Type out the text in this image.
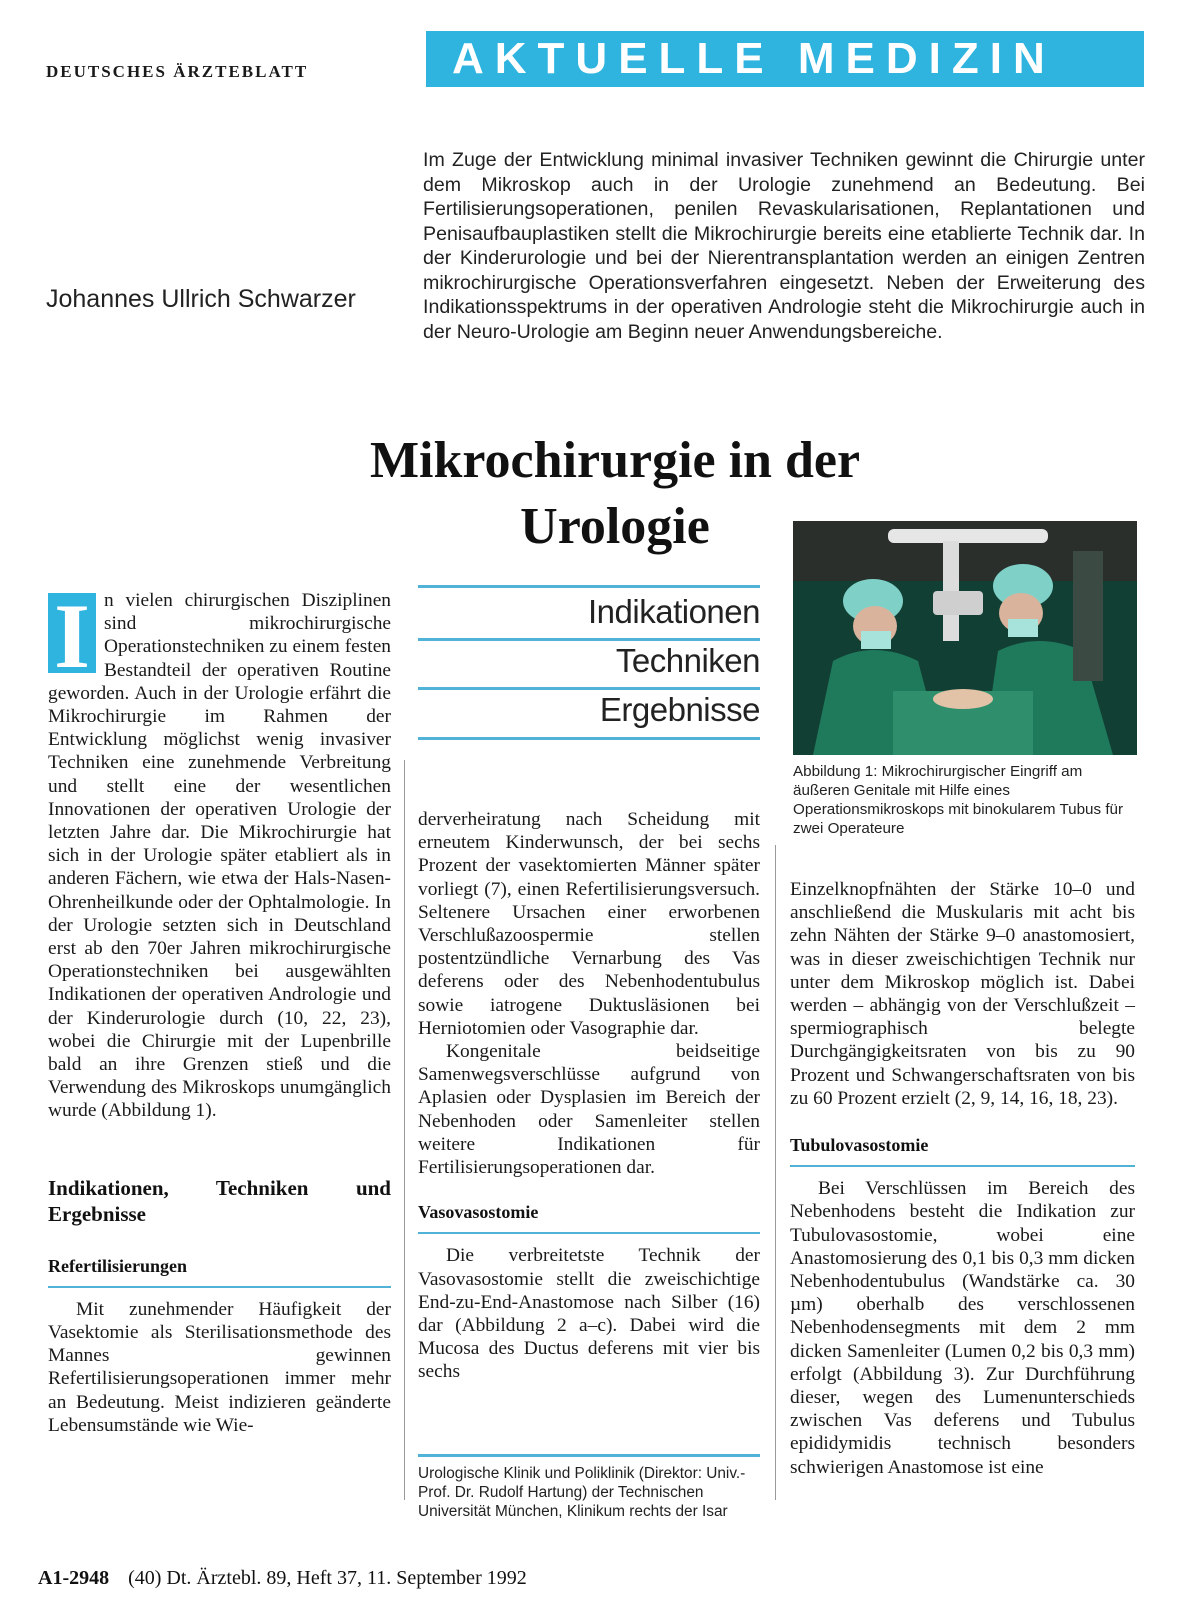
DEUTSCHES ÄRZTEBLATT	AKTUELLE MEDIZIN
Johannes Ullrich Schwarzer
Im Zuge der Entwicklung minimal invasiver Techniken gewinnt die Chirurgie unter dem Mikroskop auch in der Urologie zunehmend an Bedeutung. Bei Fertilisierungsoperationen, penilen Revaskularisationen, Replantationen und Penisaufbauplastiken stellt die Mikrochirurgie bereits eine etablierte Technik dar. In der Kinderurologie und bei der Nierentransplantation werden an einigen Zentren mikrochirurgische Operationsverfahren eingesetzt. Neben der Erweiterung des Indikationsspektrums in der operativen Andrologie steht die Mikrochirurgie auch in der Neuro-Urologie am Beginn neuer Anwendungsbereiche.
Mikrochirurgie in der
Urologie

I n vielen chirurgischen Disziplinen sind mikrochirurgische Operationstechniken zu einem festen Bestandteil der operativen Routine geworden. Auch in der Urologie erfährt die Mikrochirurgie im Rahmen der Entwicklung möglichst wenig invasiver Techniken eine zunehmende Verbreitung und stellt eine der wesentlichen Innovationen der operativen Urologie der letzten Jahre dar. Die Mikrochirurgie hat sich in der Urologie später etabliert als in anderen Fächern, wie etwa der Hals-Nasen-Ohrenheilkunde oder der Ophtalmologie. In der Urologie setzten sich in Deutschland erst ab den 70er Jahren mikrochirurgische Operationstechniken bei ausgewählten Indikationen der operativen Andrologie und der Kinderurologie durch (10, 22, 23), wobei die Chirurgie mit der Lupenbrille bald an ihre Grenzen stieß und die Verwendung des Mikroskops unumgänglich wurde (Abbildung 1).

Indikationen, Techniken und Ergebnisse
Refertilisierungen

Mit zunehmender Häufigkeit der Vasektomie als Sterilisationsmethode des Mannes gewinnen Refertilisierungsoperationen immer mehr an Bedeutung. Meist indizieren geänderte Lebensumstände wie Wie-

Indikationen
Techniken
Ergebnisse

derverheiratung nach Scheidung mit erneutem Kinderwunsch, der bei sechs Prozent der vasektomierten Männer später vorliegt (7), einen Refertilisierungsversuch. Seltenere Ursachen einer erworbenen Verschlußazoospermie stellen postentzündliche Vernarbung des Vas deferens oder des Nebenhodentubulus sowie iatrogene Duktusläsionen bei Herniotomien oder Vasographie dar.

Kongenitale beidseitige Samenwegsverschlüsse aufgrund von Aplasien oder Dysplasien im Bereich der Nebenhoden oder Samenleiter stellen weitere Indikationen für Fertilisierungsoperationen dar.

Vasovasostomie

Die verbreitetste Technik der Vasovasostomie stellt die zweischichtige End-zu-End-Anastomose nach Silber (16) dar (Abbildung 2 a–c). Dabei wird die Mucosa des Ductus deferens mit vier bis sechs

Urologische Klinik und Poliklinik (Direktor: Univ.-Prof. Dr. Rudolf Hartung) der Technischen Universität München, Klinikum rechts der Isar
Abbildung 1: Mikrochirurgischer Eingriff am äußeren Genitale mit Hilfe eines Operationsmikroskops mit binokularem Tubus für zwei Operateure

Einzelknopfnähten der Stärke 10–0 und anschließend die Muskularis mit acht bis zehn Nähten der Stärke 9–0 anastomosiert, was in dieser zweischichtigen Technik nur unter dem Mikroskop möglich ist. Dabei werden – abhängig von der Verschlußzeit – spermiographisch belegte Durchgängigkeitsraten von bis zu 90 Prozent und Schwangerschaftsraten von bis zu 60 Prozent erzielt (2, 9, 14, 16, 18, 23).

Tubulovasostomie

Bei Verschlüssen im Bereich des Nebenhodens besteht die Indikation zur Tubulovasostomie, wobei eine Anastomosierung des 0,1 bis 0,3 mm dicken Nebenhodentubulus (Wandstärke ca. 30 µm) oberhalb des verschlossenen Nebenhodensegments mit dem 2 mm dicken Samenleiter (Lumen 0,2 bis 0,3 mm) erfolgt (Abbildung 3). Zur Durchführung dieser, wegen des Lumenunterschieds zwischen Vas deferens und Tubulus epididymidis technisch besonders schwierigen Anastomose ist eine

A1-2948 (40) Dt. Ärztebl. 89, Heft 37, 11. September 1992
